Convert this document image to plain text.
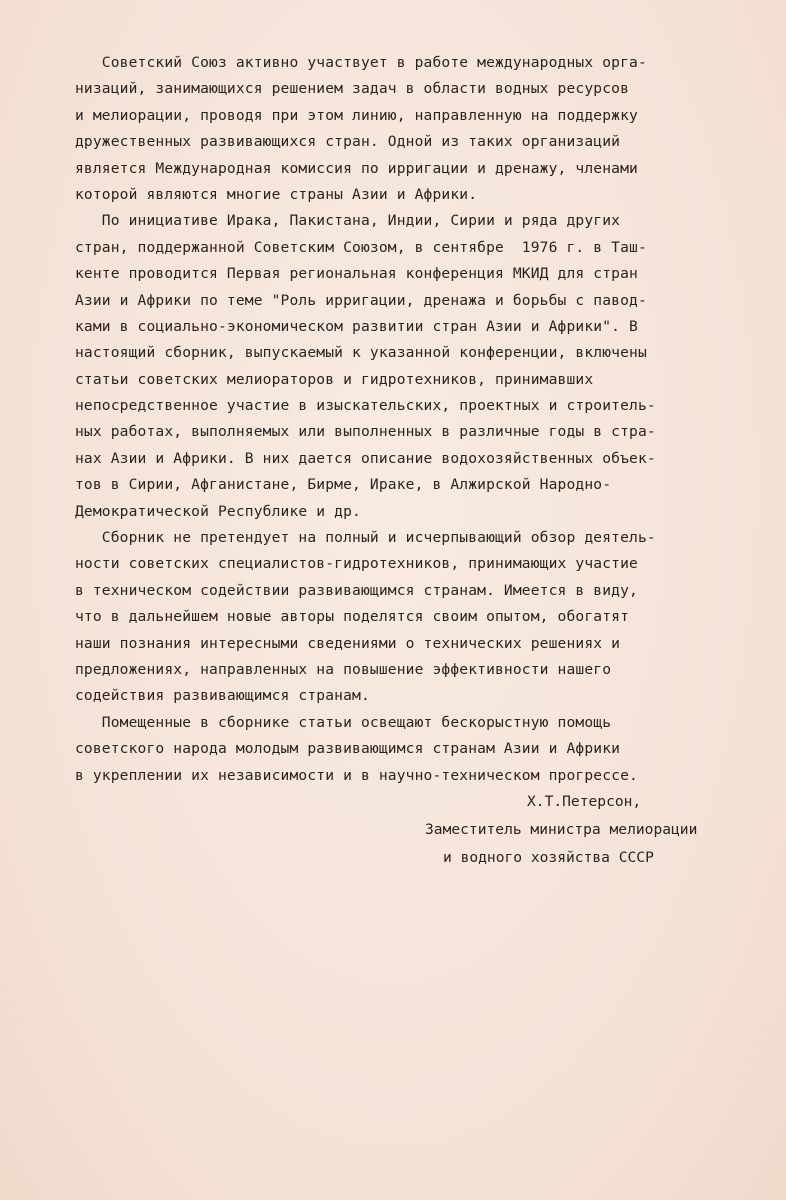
Советский Союз активно участвует в работе международных орга-
низаций, занимающихся решением задач в области водных ресурсов
и мелиорации, проводя при этом линию, направленную на поддержку
дружественных развивающихся стран. Одной из таких организаций
является Международная комиссия по ирригации и дренажу, членами
которой являются многие страны Азии и Африки.
По инициативе Ирака, Пакистана, Индии, Сирии и ряда других
стран, поддержанной Советским Союзом, в сентябре  1976 г. в Таш-
кенте проводится Первая региональная конференция МКИД для стран
Азии и Африки по теме "Роль ирригации, дренажа и борьбы с павод-
ками в социально-экономическом развитии стран Азии и Африки". В
настоящий сборник, выпускаемый к указанной конференции, включены
статьи советских мелиораторов и гидротехников, принимавших
непосредственное участие в изыскательских, проектных и строитель-
ных работах, выполняемых или выполненных в различные годы в стра-
нах Азии и Африки. В них дается описание водохозяйственных объек-
тов в Сирии, Афганистане, Бирме, Ираке, в Алжирской Народно-
Демократической Республике и др.
Сборник не претендует на полный и исчерпывающий обзор деятель-
ности советских специалистов-гидротехников, принимающих участие
в техническом содействии развивающимся странам. Имеется в виду,
что в дальнейшем новые авторы поделятся своим опытом, обогатят
наши познания интересными сведениями о технических решениях и
предложениях, направленных на повышение эффективности нашего
содействия развивающимся странам.
Помещенные в сборнике статьи освещают бескорыстную помощь
советского народа молодым развивающимся странам Азии и Африки
в укреплении их независимости и в научно-техническом прогрессе.
Х.Т.Петерсон,
Заместитель министра мелиорации
и водного хозяйства СССР
